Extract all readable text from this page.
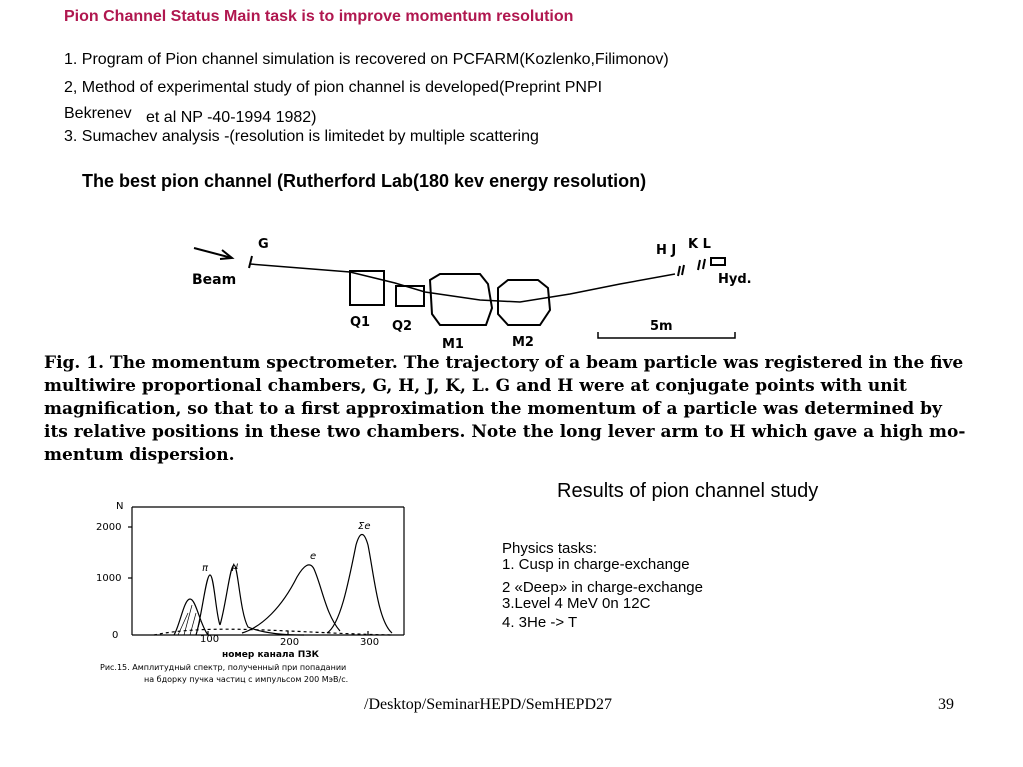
Pion Channel Status Main task is to improve momentum resolution
1. Program of Pion channel simulation is recovered on PCFARM(Kozlenko,Filimonov)
2, Method of experimental study of pion channel is developed(Preprint PNPI
Bekrenev et al NP -40-1994 1982)
3. Sumachev analysis -(resolution is limitedet by multiple scattering
The best pion channel (Rutherford Lab(180 kev energy resolution)
G
Beam
H J K L
Hyd.
Q1 Q2
M1	M2
5m
Fig. 1. The momentum spectrometer. The trajectory of a beam particle was registered in the five
multiwire proportional chambers, G, H, J, K, L. G and H were at conjugate points with unit
magnification, so that to a first approximation the momentum of a particle was determined by
its relative positions in these two chambers. Note the long lever arm to H which gave a high mo-
mentum dispersion.
N
2000
1000
0	100	200	300
номер канала ПЗК
π μ
e
Σe
Рис.15. Амплитудный спектр, полученный при попадании
на бдорку пучка частиц с импульсом 200 МэВ/с.
Results of pion channel study
Physics tasks:
1. Cusp in charge-exchange
2 «Deep» in charge-exchange
3.Level 4 MeV 0n 12C
4. 3He -> T
/Desktop/SeminarHEPD/SemHEPD27	39
